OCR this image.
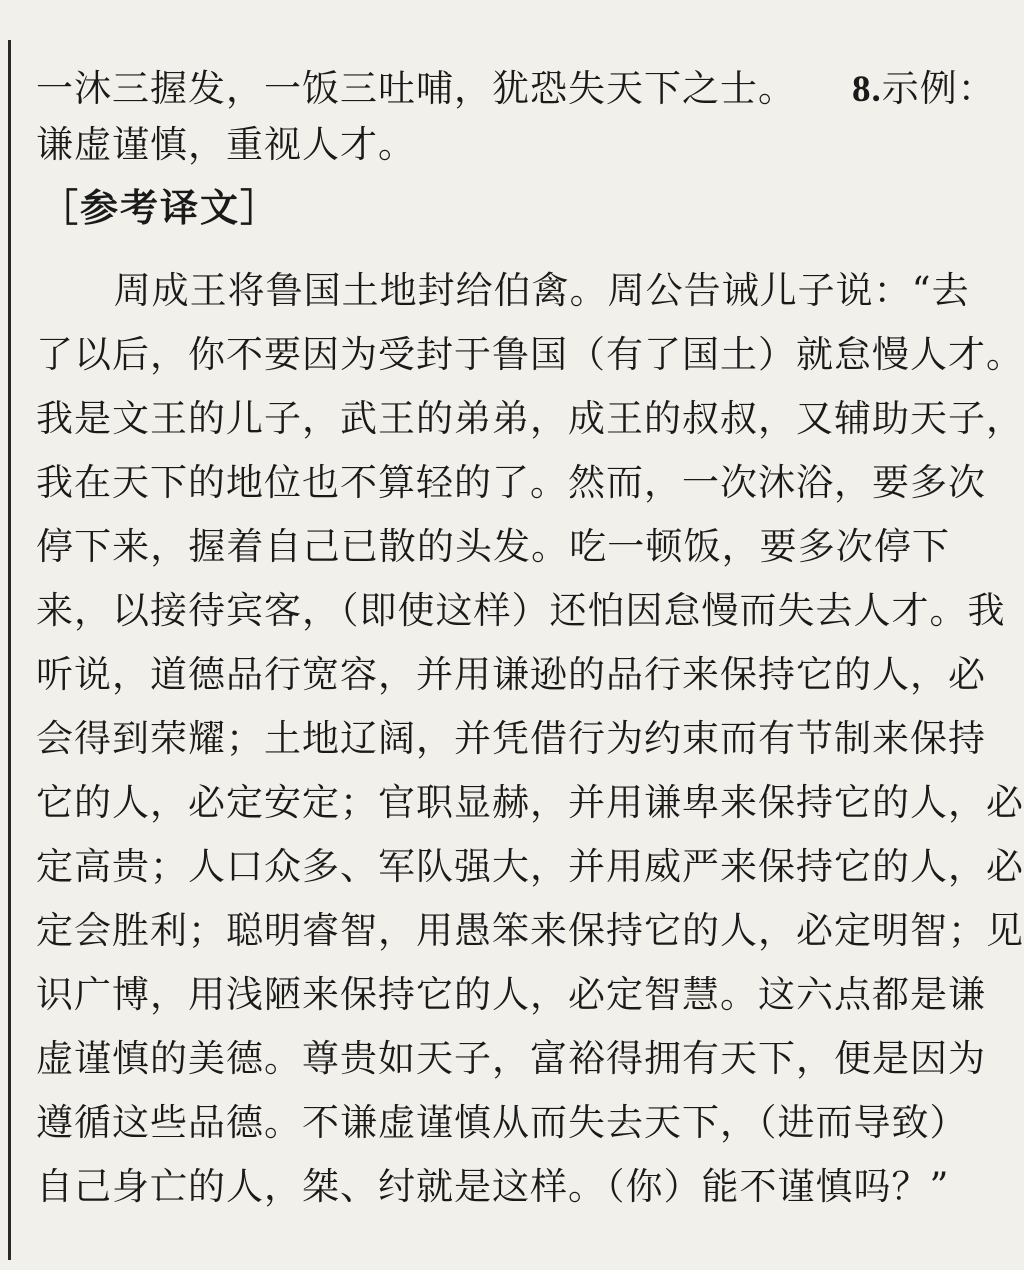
一沐三握发，一饭三吐哺，犹恐失天下之士。 8.示例：
谦虚谨慎，重视人才。
［参考译文］
周成王将鲁国土地封给伯禽。周公告诫儿子说：“去
了以后，你不要因为受封于鲁国（有了国土）就怠慢人才。
我是文王的儿子，武王的弟弟，成王的叔叔，又辅助天子，
我在天下的地位也不算轻的了。然而，一次沐浴，要多次
停下来，握着自己已散的头发。吃一顿饭，要多次停下
来，以接待宾客，（即使这样）还怕因怠慢而失去人才。我
听说，道德品行宽容，并用谦逊的品行来保持它的人，必
会得到荣耀；土地辽阔，并凭借行为约束而有节制来保持
它的人，必定安定；官职显赫，并用谦卑来保持它的人，必
定高贵；人口众多、军队强大，并用威严来保持它的人，必
定会胜利；聪明睿智，用愚笨来保持它的人，必定明智；见
识广博，用浅陋来保持它的人，必定智慧。这六点都是谦
虚谨慎的美德。尊贵如天子，富裕得拥有天下，便是因为
遵循这些品德。不谦虚谨慎从而失去天下，（进而导致）
自己身亡的人，桀、纣就是这样。（你）能不谨慎吗？”
